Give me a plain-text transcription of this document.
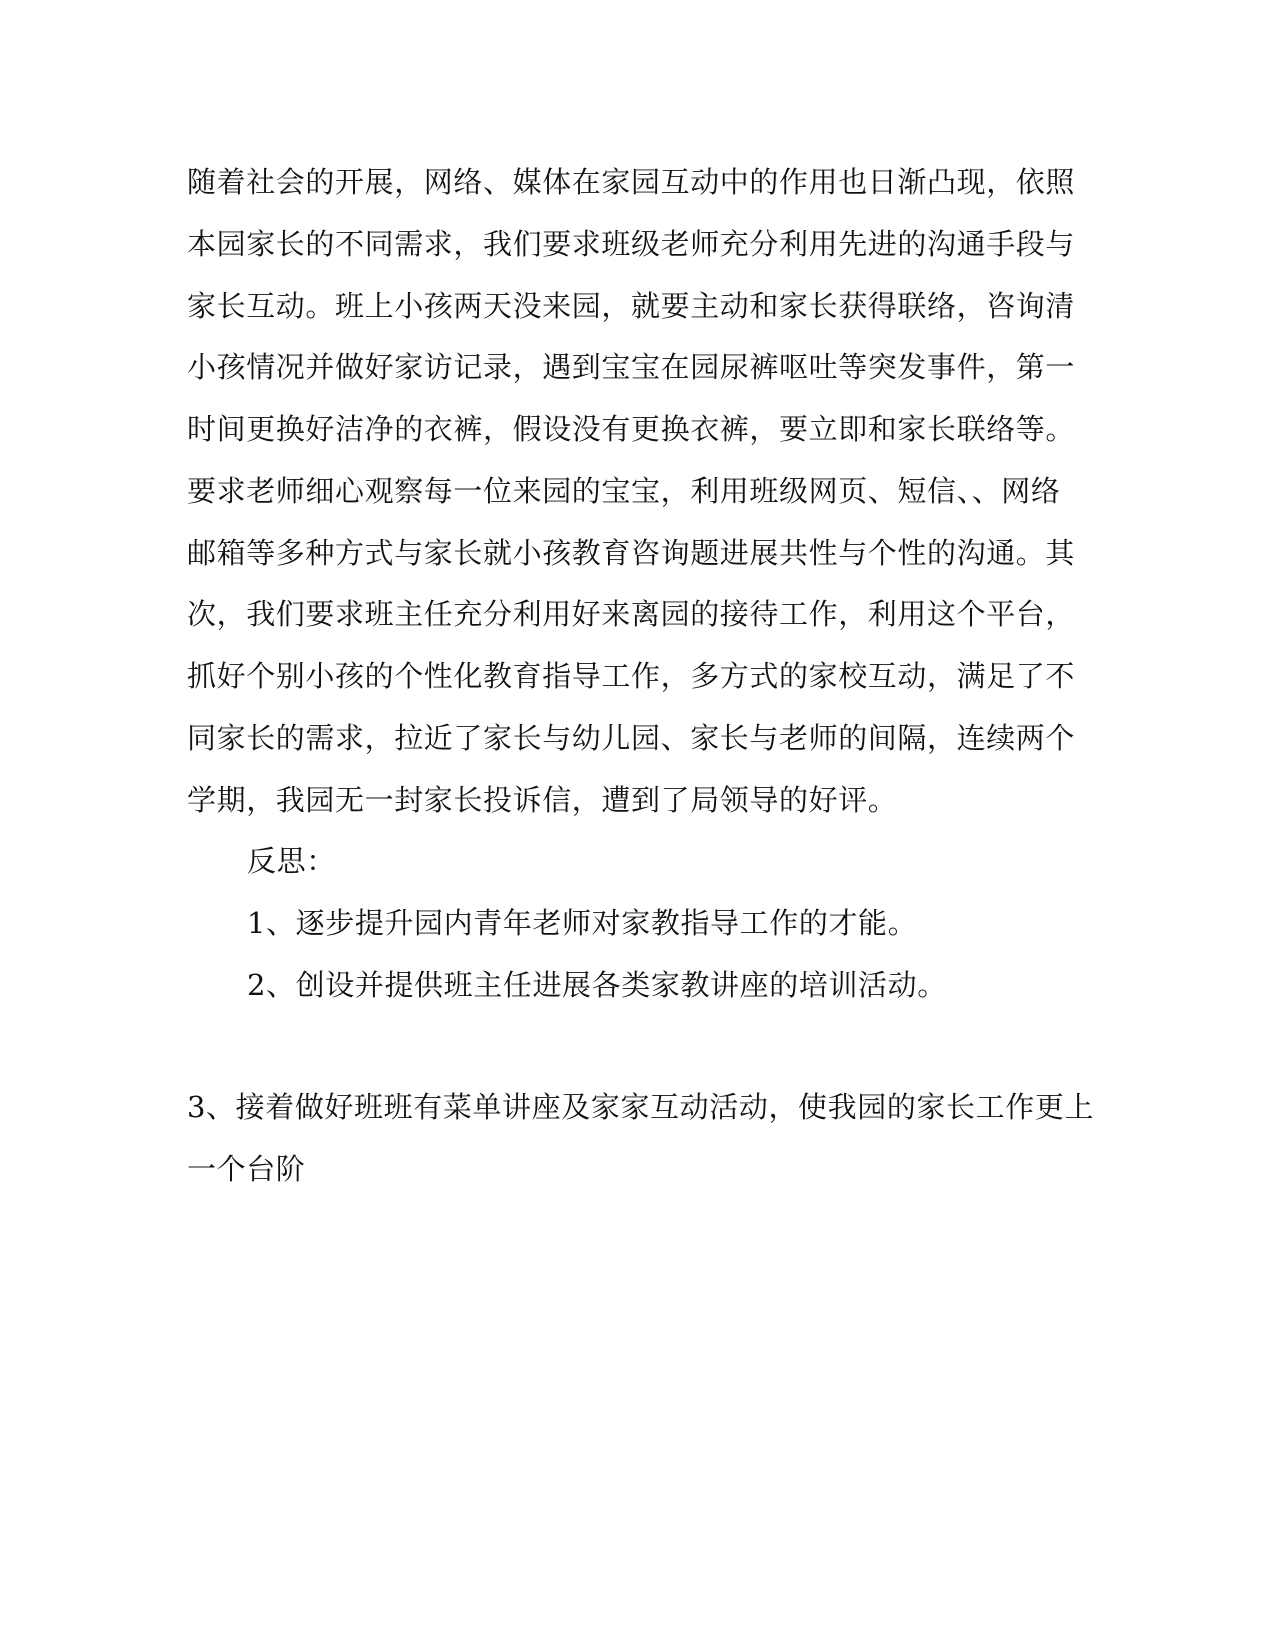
随着社会的开展，网络、媒体在家园互动中的作用也日渐凸现，依照
本园家长的不同需求，我们要求班级老师充分利用先进的沟通手段与
家长互动。班上小孩两天没来园，就要主动和家长获得联络，咨询清
小孩情况并做好家访记录，遇到宝宝在园尿裤呕吐等突发事件，第一
时间更换好洁净的衣裤，假设没有更换衣裤，要立即和家长联络等。
要求老师细心观察每一位来园的宝宝，利用班级网页、短信、、网络
邮箱等多种方式与家长就小孩教育咨询题进展共性与个性的沟通。其
次，我们要求班主任充分利用好来离园的接待工作，利用这个平台，
抓好个别小孩的个性化教育指导工作，多方式的家校互动，满足了不
同家长的需求，拉近了家长与幼儿园、家长与老师的间隔，连续两个
学期，我园无一封家长投诉信，遭到了局领导的好评。
反思：
1、逐步提升园内青年老师对家教指导工作的才能。
2、创设并提供班主任进展各类家教讲座的培训活动。
3、接着做好班班有菜单讲座及家家互动活动，使我园的家长工作更上
一个台阶
